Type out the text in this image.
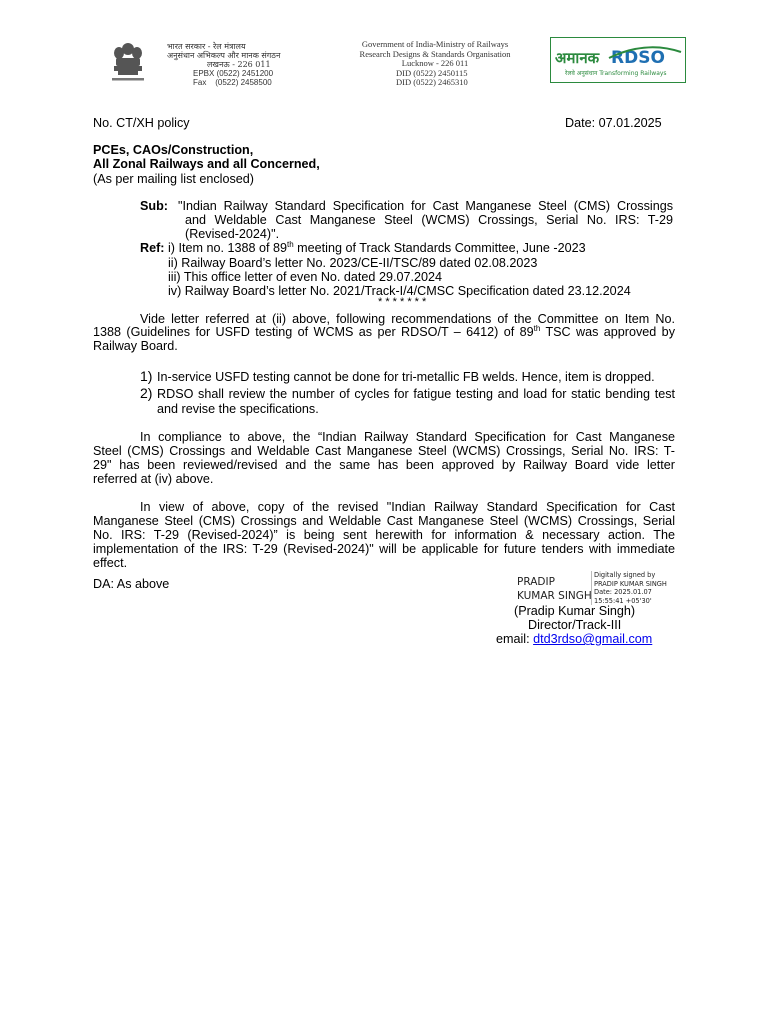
भारत सरकार - रेल मंत्रालय
अनुसंधान अभिकल्प और मानक संगठन
लखनऊ - 226 011
EPBX (0522) 2451200
Fax    (0522) 2458500
Government of India-Ministry of Railways
Research Designs & Standards Organisation
Lucknow - 226 011
DID (0522) 2450115
DID (0522) 2465310
अमानक RDSO
रेलवे अनुसंधान Transforming Railways
No. CT/XH policy	Date: 07.01.2025
PCEs, CAOs/Construction,
All Zonal Railways and all Concerned,
(As per mailing list enclosed)
Sub: "Indian Railway Standard Specification for Cast Manganese Steel (CMS) Crossings
and Weldable Cast Manganese Steel (WCMS) Crossings, Serial No. IRS: T-29
(Revised-2024)".
Ref: i) Item no. 1388 of 89th meeting of Track Standards Committee, June -2023
ii) Railway Board’s letter No. 2023/CE-II/TSC/89 dated 02.08.2023
iii) This office letter of even No. dated 29.07.2024
iv) Railway Board’s letter No. 2021/Track-I/4/CMSC Specification dated 23.12.2024
* * * * * * *
Vide letter referred at (ii) above, following recommendations of the Committee on Item No.
1388 (Guidelines for USFD testing of WCMS as per RDSO/T – 6412) of 89th TSC was approved by
Railway Board.
1) In-service USFD testing cannot be done for tri-metallic FB welds. Hence, item is dropped.
2) RDSO shall review the number of cycles for fatigue testing and load for static bending test
and revise the specifications.
In compliance to above, the “Indian Railway Standard Specification for Cast Manganese
Steel (CMS) Crossings and Weldable Cast Manganese Steel (WCMS) Crossings, Serial No. IRS: T-
29" has been reviewed/revised and the same has been approved by Railway Board vide letter
referred at (iv) above.
In view of above, copy of the revised "Indian Railway Standard Specification for Cast
Manganese Steel (CMS) Crossings and Weldable Cast Manganese Steel (WCMS) Crossings, Serial
No. IRS: T-29 (Revised-2024)” is being sent herewith for information & necessary action. The
implementation of the IRS: T-29 (Revised-2024)" will be applicable for future tenders with immediate
effect.
DA: As above	PRADIP
KUMAR SINGH
Digitally signed by
PRADIP KUMAR SINGH
Date: 2025.01.07
15:55:41 +05'30'
(Pradip Kumar Singh)
Director/Track-III
email: dtd3rdso@gmail.com
